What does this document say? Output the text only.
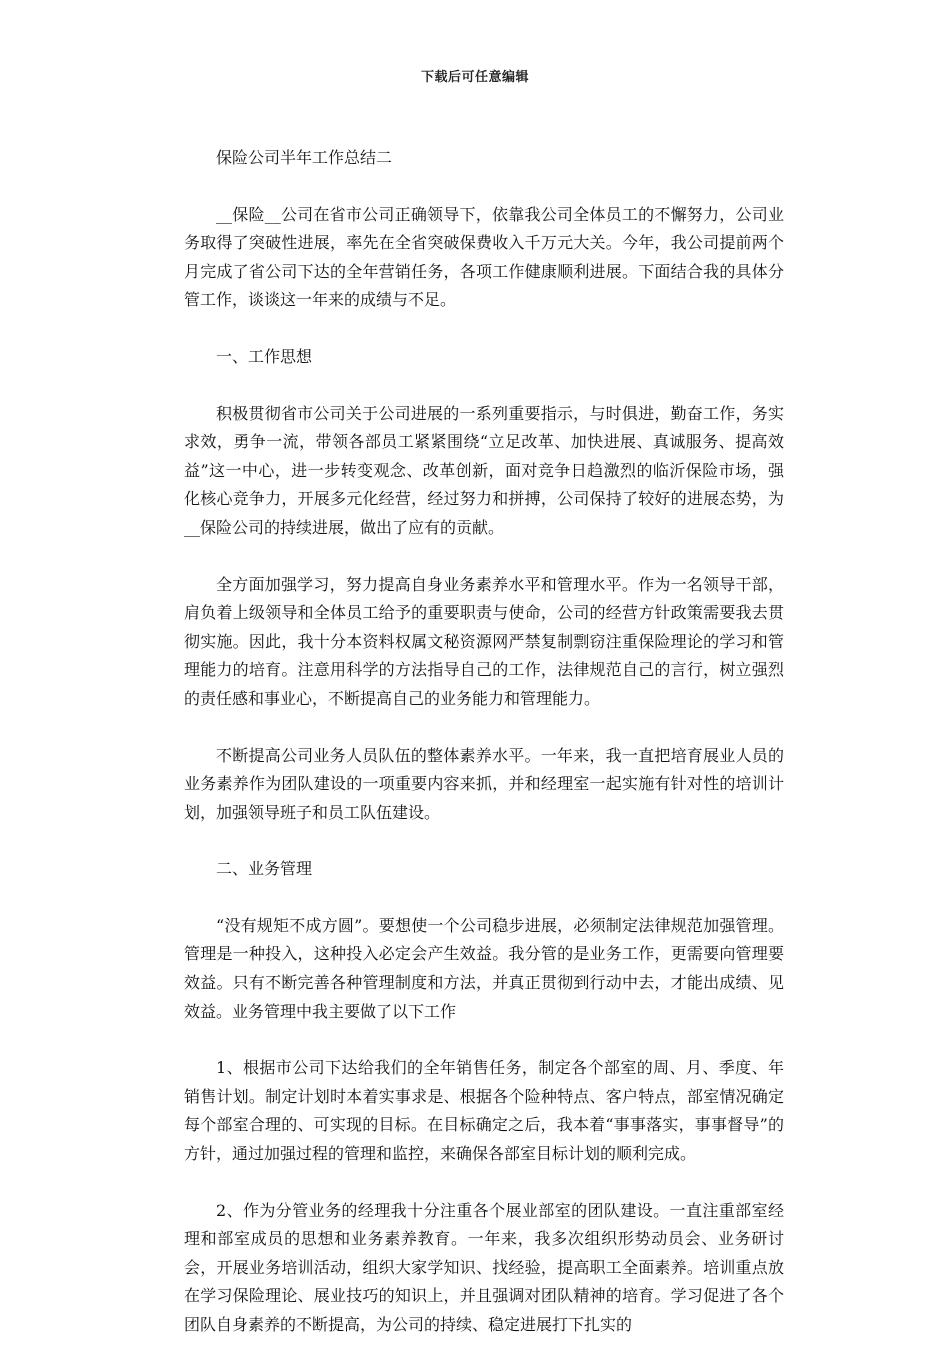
下载后可任意编辑

保险公司半年工作总结二

__保险__公司在省市公司正确领导下，依靠我公司全体员工的不懈努力，公司业务取得了突破性进展，率先在全省突破保费收入千万元大关。今年，我公司提前两个月完成了省公司下达的全年营销任务，各项工作健康顺利进展。下面结合我的具体分管工作，谈谈这一年来的成绩与不足。

一、工作思想

积极贯彻省市公司关于公司进展的一系列重要指示，与时俱进，勤奋工作，务实求效，勇争一流，带领各部员工紧紧围绕“立足改革、加快进展、真诚服务、提高效益”这一中心，进一步转变观念、改革创新，面对竞争日趋激烈的临沂保险市场，强化核心竞争力，开展多元化经营，经过努力和拼搏，公司保持了较好的进展态势，为__保险公司的持续进展，做出了应有的贡献。

全方面加强学习，努力提高自身业务素养水平和管理水平。作为一名领导干部，肩负着上级领导和全体员工给予的重要职责与使命，公司的经营方针政策需要我去贯彻实施。因此，我十分本资料权属文秘资源网严禁复制剽窃注重保险理论的学习和管理能力的培育。注意用科学的方法指导自己的工作，法律规范自己的言行，树立强烈的责任感和事业心，不断提高自己的业务能力和管理能力。

不断提高公司业务人员队伍的整体素养水平。一年来，我一直把培育展业人员的业务素养作为团队建设的一项重要内容来抓，并和经理室一起实施有针对性的培训计划，加强领导班子和员工队伍建设。

二、业务管理

“没有规矩不成方圆”。要想使一个公司稳步进展，必须制定法律规范加强管理。管理是一种投入，这种投入必定会产生效益。我分管的是业务工作，更需要向管理要效益。只有不断完善各种管理制度和方法，并真正贯彻到行动中去，才能出成绩、见效益。业务管理中我主要做了以下工作

1、根据市公司下达给我们的全年销售任务，制定各个部室的周、月、季度、年销售计划。制定计划时本着实事求是、根据各个险种特点、客户特点，部室情况确定每个部室合理的、可实现的目标。在目标确定之后，我本着“事事落实，事事督导”的方针，通过加强过程的管理和监控，来确保各部室目标计划的顺利完成。

2、作为分管业务的经理我十分注重各个展业部室的团队建设。一直注重部室经理和部室成员的思想和业务素养教育。一年来，我多次组织形势动员会、业务研讨会，开展业务培训活动，组织大家学知识、找经验，提高职工全面素养。培训重点放在学习保险理论、展业技巧的知识上，并且强调对团队精神的培育。学习促进了各个团队自身素养的不断提高，为公司的持续、稳定进展打下扎实的
